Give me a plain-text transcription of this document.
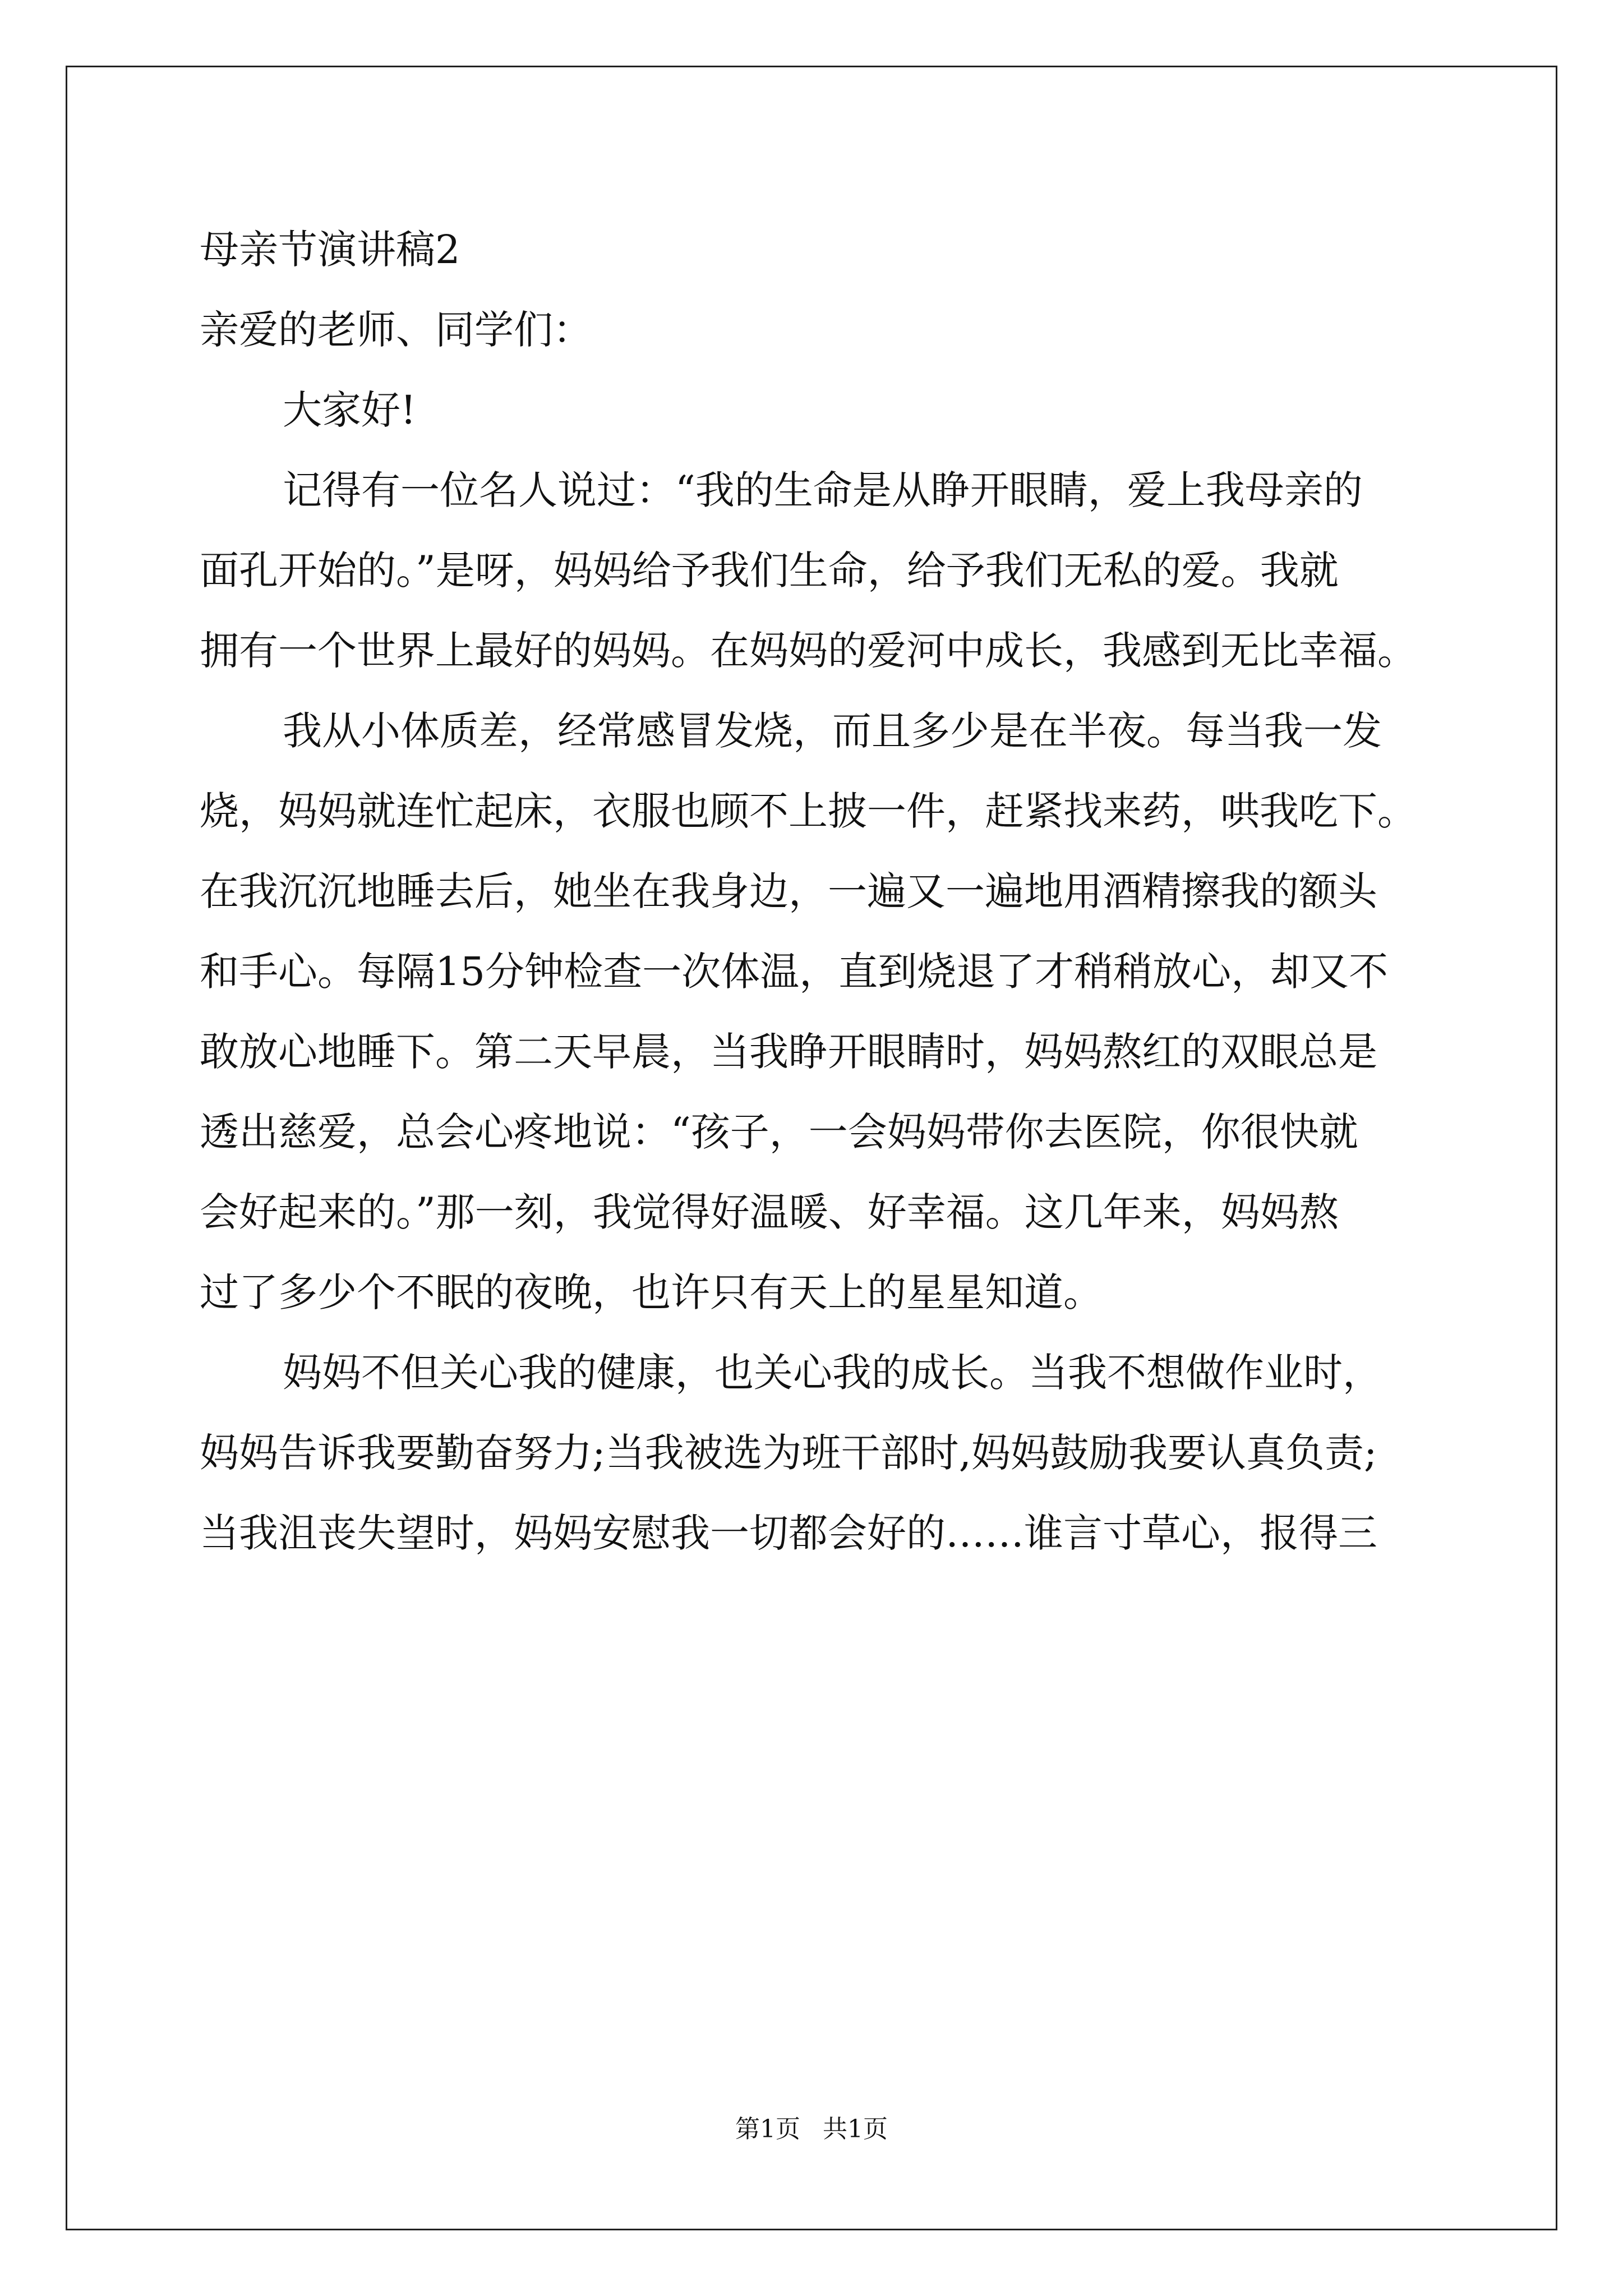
母亲节演讲稿2
亲爱的老师、同学们：
大家好!
记得有一位名人说过：“我的生命是从睁开眼睛，爱上我母亲的
面孔开始的。”是呀，妈妈给予我们生命，给予我们无私的爱。我就
拥有一个世界上最好的妈妈。在妈妈的爱河中成长，我感到无比幸福。
我从小体质差，经常感冒发烧，而且多少是在半夜。每当我一发
烧，妈妈就连忙起床，衣服也顾不上披一件，赶紧找来药，哄我吃下。
在我沉沉地睡去后，她坐在我身边，一遍又一遍地用酒精擦我的额头
和手心。每隔15分钟检查一次体温，直到烧退了才稍稍放心，却又不
敢放心地睡下。第二天早晨，当我睁开眼睛时，妈妈熬红的双眼总是
透出慈爱，总会心疼地说：“孩子，一会妈妈带你去医院，你很快就
会好起来的。”那一刻，我觉得好温暖、好幸福。这几年来，妈妈熬
过了多少个不眠的夜晚，也许只有天上的星星知道。
妈妈不但关心我的健康，也关心我的成长。当我不想做作业时，
妈妈告诉我要勤奋努力;当我被选为班干部时,妈妈鼓励我要认真负责;
当我沮丧失望时，妈妈安慰我一切都会好的……谁言寸草心，报得三
第1页 共1页
